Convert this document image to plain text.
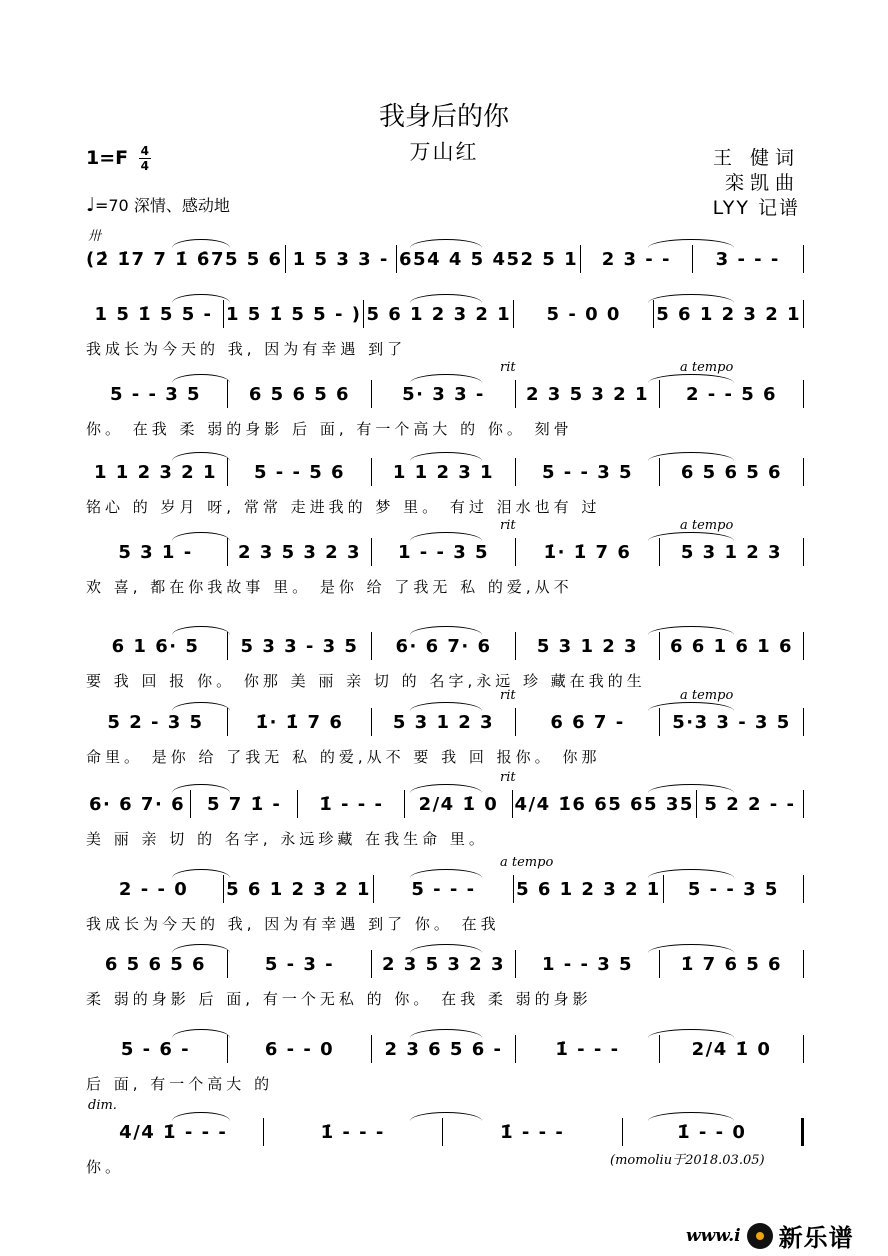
我身后的你
万山红
$1=F \frac{4}{4}$	王 健词
栾凯曲
LYY 记谱
♩=70 深情、感动地
(2̇ 1̇7 7 1̇ 6̇75 5 6 1 5 3 3 - 654 4 5 452 5 1	2 3 - -	3 - - -
卅
1 5 1̇ 5 5 - 1 5 1̇ 5 5 - ) 5 6 1 2 3 2 1	5 - 0 0	5 6 1 2 3 2 1
我成长为今天的 我, 因为有幸遇 到了
5 - - 3 5	6 5 6 5 6	5· 3 3 -	2 3 5 3 2 1	2 - - 5 6
你。 在我 柔 弱的身影 后 面, 有一个高大 的 你。 刻骨
rit	a tempo
1 1 2 3 2 1	5 - - 5 6	1 1 2 3 1	5 - - 3 5	6 5 6 5 6
铭心 的 岁月 呀, 常常 走进我的 梦 里。 有过 泪水也有 过
5 3 1 -	2 3 5 3 2 3	1 - - 3 5	1̇· 1̇ 7 6	5 3 1 2 3
欢 喜, 都在你我故事 里。 是你 给 了我无 私 的爱,从不
rit	a tempo
6 1 6· 5	5 3 3 - 3 5	6· 6 7· 6	5 3 1 2 3	6 6 1 6 1 6
要 我 回 报 你。 你那 美 丽 亲 切 的 名字,永远 珍 藏在我的生
5 2 - 3 5	1̇· 1̇ 7 6	5 3 1 2 3	6 6 7 -	5·3 3 - 3 5
命里。 是你 给 了我无 私 的爱,从不 要 我 回 报你。 你那
rit	a tempo
6· 6 7· 6	5 7 1̇ -	1̇ - - -	2/4 1̇ 0 4/4 1̇6 65 65 35 5 2 2 - -
美 丽 亲 切 的 名字, 永远珍藏 在我生命 里。
rit
2 - - 0	5 6 1 2 3 2 1	5 - - -	5 6 1 2 3 2 1	5 - - 3 5
我成长为今天的 我, 因为有幸遇 到了 你。 在我
a tempo
6 5 6 5 6	5 - 3 -	2 3 5 3 2 3	1 - - 3 5	1̇ 7 6 5 6
柔 弱的身影 后 面, 有一个无私 的 你。 在我 柔 弱的身影
5 - 6 -	6 - - 0	2 3 6 5 6 -	1̇ - - -	2/4 1̇ 0
后 面, 有一个高大 的
4/4 1̇ - - -	1̇ - - -	1̇ - - -	1̇ - - 0
你。
dim.
(momoliu于2018.03.05)
www.i 新乐谱
